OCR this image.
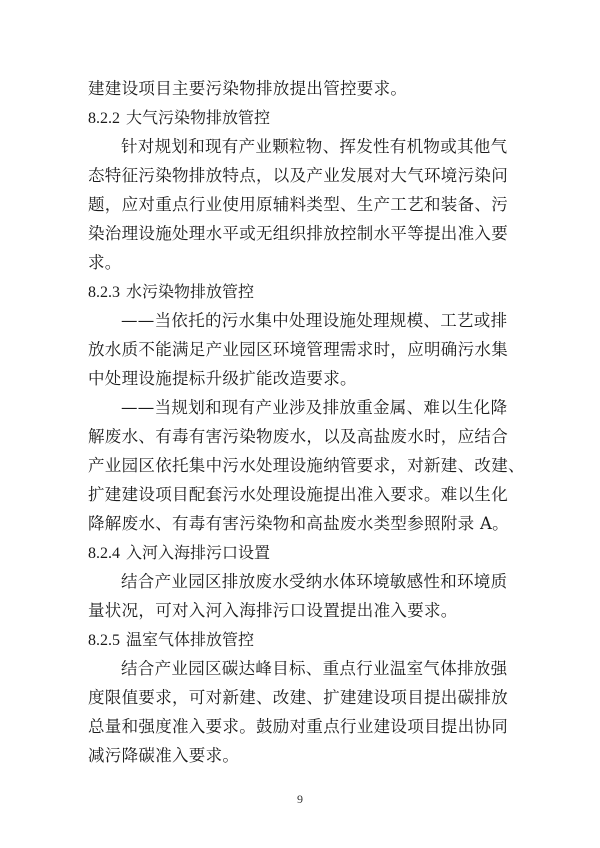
建建设项目主要污染物排放提出管控要求。
8.2.2 大气污染物排放管控
针对规划和现有产业颗粒物、挥发性有机物或其他气
态特征污染物排放特点，以及产业发展对大气环境污染问
题，应对重点行业使用原辅料类型、生产工艺和装备、污
染治理设施处理水平或无组织排放控制水平等提出准入要
求。
8.2.3 水污染物排放管控
——当依托的污水集中处理设施处理规模、工艺或排
放水质不能满足产业园区环境管理需求时，应明确污水集
中处理设施提标升级扩能改造要求。
——当规划和现有产业涉及排放重金属、难以生化降
解废水、有毒有害污染物废水，以及高盐废水时，应结合
产业园区依托集中污水处理设施纳管要求，对新建、改建、
扩建建设项目配套污水处理设施提出准入要求。难以生化
降解废水、有毒有害污染物和高盐废水类型参照附录 A。
8.2.4 入河入海排污口设置
结合产业园区排放废水受纳水体环境敏感性和环境质
量状况，可对入河入海排污口设置提出准入要求。
8.2.5 温室气体排放管控
结合产业园区碳达峰目标、重点行业温室气体排放强
度限值要求，可对新建、改建、扩建建设项目提出碳排放
总量和强度准入要求。鼓励对重点行业建设项目提出协同
减污降碳准入要求。
9
